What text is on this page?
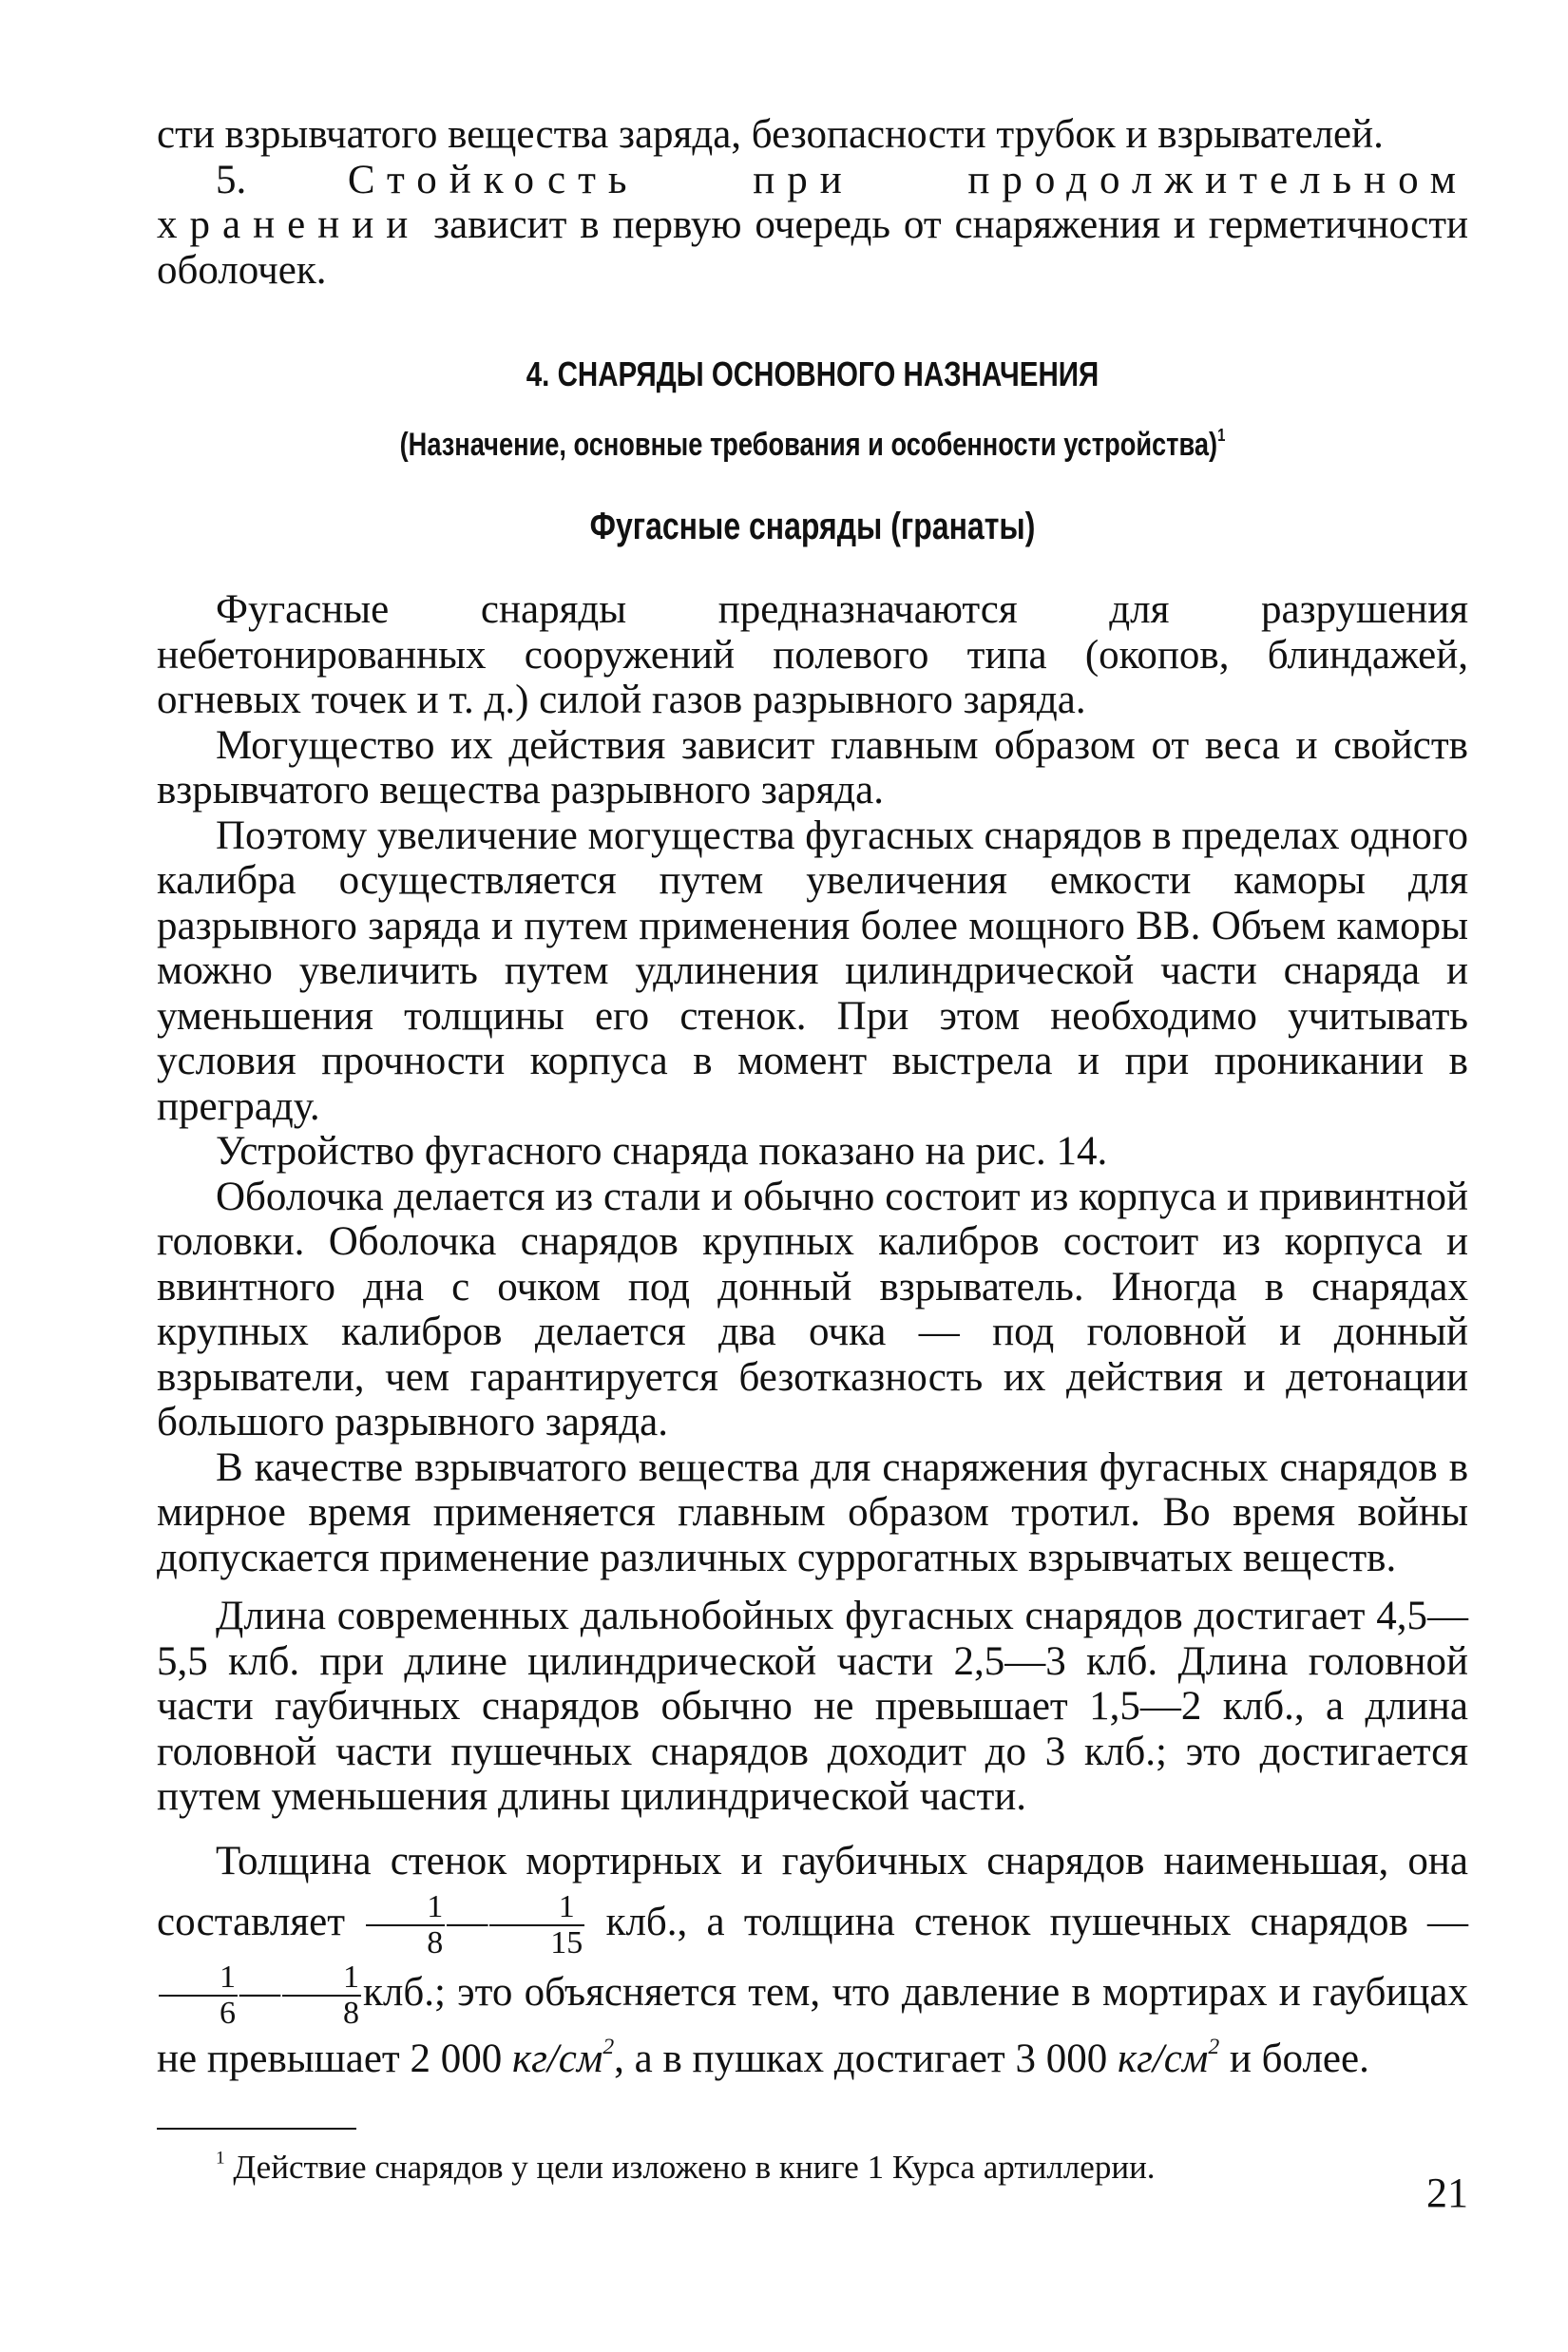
сти взрывчатого вещества заряда, безопасности трубок и взрывателей.

5. Стойкость при продолжительном хранении зависит в первую очередь от снаряжения и герметичности оболочек.

4. СНАРЯДЫ ОСНОВНОГО НАЗНАЧЕНИЯ
(Назначение, основные требования и особенности устройства)$^1$
Фугасные снаряды (гранаты)

Фугасные снаряды предназначаются для разрушения небетонированных сооружений полевого типа (окопов, блиндажей, огневых точек и т. д.) силой газов разрывного заряда.

Могущество их действия зависит главным образом от веса и свойств взрывчатого вещества разрывного заряда.

Поэтому увеличение могущества фугасных снарядов в пределах одного калибра осуществляется путем увеличения емкости каморы для разрывного заряда и путем применения более мощного ВВ. Объем каморы можно увеличить путем удлинения цилиндрической части снаряда и уменьшения толщины его стенок. При этом необходимо учитывать условия прочности корпуса в момент выстрела и при проникании в преграду.

Устройство фугасного снаряда показано на рис. 14.

Оболочка делается из стали и обычно состоит из корпуса и привинтной головки. Оболочка снарядов крупных калибров состоит из корпуса и ввинтного дна с очком под донный взрыватель. Иногда в снарядах крупных калибров делается два очка — под головной и донный взрыватели, чем гарантируется безотказность их действия и детонации большого разрывного заряда.

В качестве взрывчатого вещества для снаряжения фугасных снарядов в мирное время применяется главным образом тротил. Во время войны допускается применение различных суррогатных взрывчатых веществ.

Длина современных дальнобойных фугасных снарядов достигает 4,5—5,5 клб. при длине цилиндрической части 2,5—3 клб. Длина головной части гаубичных снарядов обычно не превышает 1,5—2 клб., а длина головной части пушечных снарядов доходит до 3 клб.; это достигается путем уменьшения длины цилиндрической части.

Толщина стенок мортирных и гаубичных снарядов наименьшая, она составляет $\frac{1}{8}$ — $\frac{1}{15}$ клб., а толщина стенок пушечных снарядов —
$\frac{1}{6}$ — $\frac{1}{8}$ клб.; это объясняется тем, что давление в мортирах и гаубицах не превышает 2 000 $кг/см^2$, а в пушках достигает 3 000 $кг/см^2$ и более.

$^1$ Действие снарядов у цели изложено в книге 1 Курса артиллерии.

21
